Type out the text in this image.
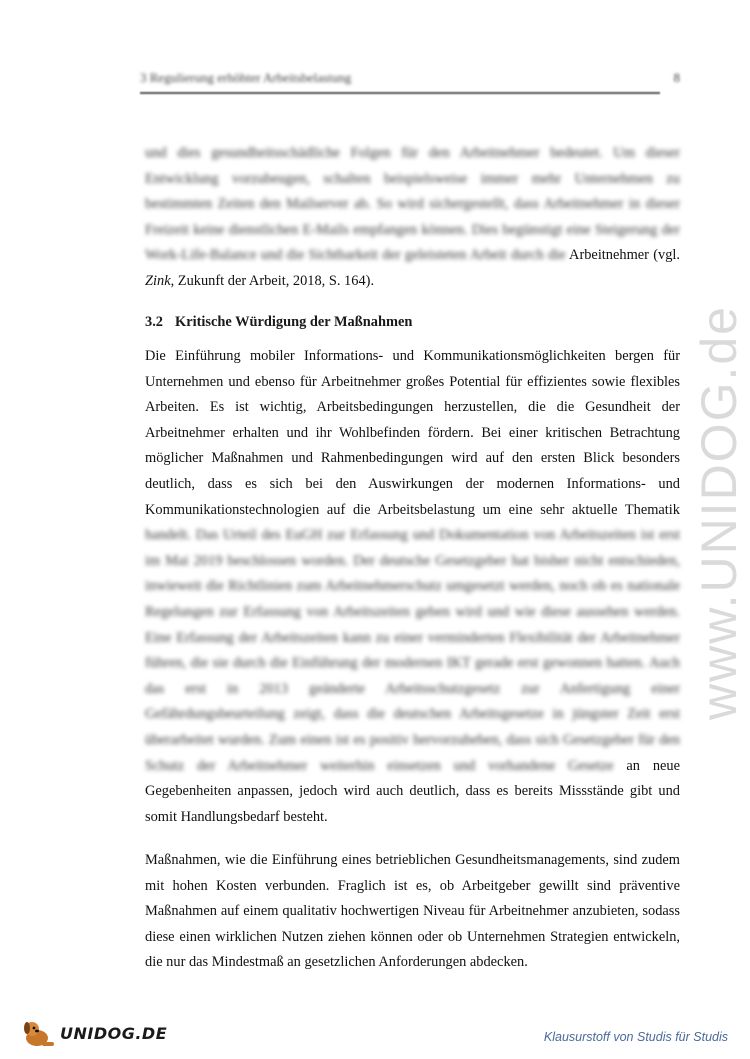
3 Regulierung erhöhter Arbeitsbelastung	8

und dies gesundheitsschädliche Folgen für den Arbeitnehmer bedeutet. Um dieser Entwicklung vorzubeugen, schalten beispielsweise immer mehr Unternehmen zu bestimmten Zeiten den Mailserver ab. So wird sichergestellt, dass Arbeitnehmer in dieser Freizeit keine dienstlichen E-Mails empfangen können. Dies begünstigt eine Steigerung der Work-Life-Balance und die Sichtbarkeit der geleisteten Arbeit durch die Arbeitnehmer (vgl. Zink, Zukunft der Arbeit, 2018, S. 164).

3.2 Kritische Würdigung der Maßnahmen

Die Einführung mobiler Informations- und Kommunikationsmöglichkeiten bergen für Unternehmen und ebenso für Arbeitnehmer großes Potential für effizientes sowie flexibles Arbeiten. Es ist wichtig, Arbeitsbedingungen herzustellen, die die Gesundheit der Arbeitnehmer erhalten und ihr Wohlbefinden fördern. Bei einer kritischen Betrachtung möglicher Maßnahmen und Rahmenbedingungen wird auf den ersten Blick besonders deutlich, dass es sich bei den Auswirkungen der modernen Informations- und Kommunikationstechnologien auf die Arbeitsbelastung um eine sehr aktuelle Thematik handelt. Das Urteil des EuGH zur Erfassung und Dokumentation von Arbeitszeiten ist erst im Mai 2019 beschlossen worden. Der deutsche Gesetzgeber hat bisher nicht entschieden, inwieweit die Richtlinien zum Arbeitnehmerschutz umgesetzt werden, noch ob es nationale Regelungen zur Erfassung von Arbeitszeiten geben wird und wie diese aussehen werden. Eine Erfassung der Arbeitszeiten kann zu einer verminderten Flexibilität der Arbeitnehmer führen, die sie durch die Einführung der modernen IKT gerade erst gewonnen hatten. Auch das erst in 2013 geänderte Arbeitsschutzgesetz zur Anfertigung einer Gefährdungsbeurteilung zeigt, dass die deutschen Arbeitsgesetze in jüngster Zeit erst überarbeitet wurden. Zum einen ist es positiv hervorzuheben, dass sich Gesetzgeber für den Schutz der Arbeitnehmer weiterhin einsetzen und vorhandene Gesetze an neue Gegebenheiten anpassen, jedoch wird auch deutlich, dass es bereits Missstände gibt und somit Handlungsbedarf besteht.

Maßnahmen, wie die Einführung eines betrieblichen Gesundheitsmanagements, sind zudem mit hohen Kosten verbunden. Fraglich ist es, ob Arbeitgeber gewillt sind präventive Maßnahmen auf einem qualitativ hochwertigen Niveau für Arbeitnehmer anzubieten, sodass diese einen wirklichen Nutzen ziehen können oder ob Unternehmen Strategien entwickeln, die nur das Mindestmaß an gesetzlichen Anforderungen abdecken.

www.UNIDOG.de
UNIDOG.DE	Klausurstoff von Studis für Studis
